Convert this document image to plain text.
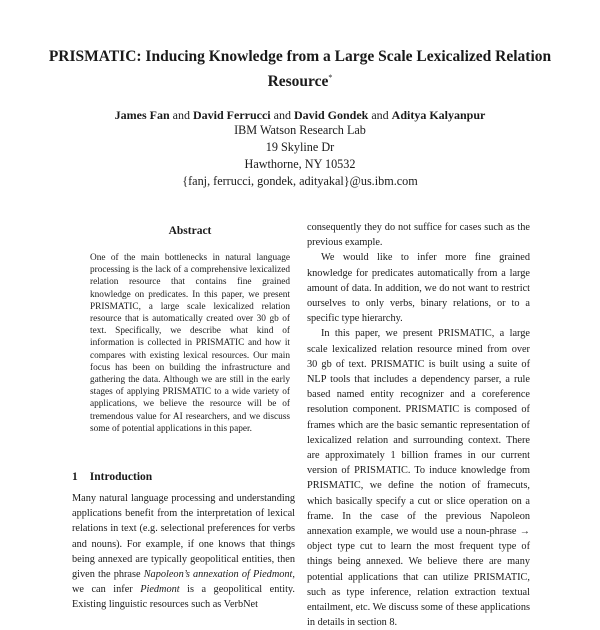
PRISMATIC: Inducing Knowledge from a Large Scale Lexicalized Relation
Resource*
James Fan and David Ferrucci and David Gondek and Aditya Kalyanpur
IBM Watson Research Lab
19 Skyline Dr
Hawthorne, NY 10532
{fanj, ferrucci, gondek, adityakal}@us.ibm.com
Abstract

One of the main bottlenecks in natural language processing is the lack of a comprehensive lexicalized relation resource that contains fine grained knowledge on predicates. In this paper, we present PRISMATIC, a large scale lexicalized relation resource that is automatically created over 30 gb of text. Specifically, we describe what kind of information is collected in PRISMATIC and how it compares with existing lexical resources. Our main focus has been on building the infrastructure and gathering the data. Although we are still in the early stages of applying PRISMATIC to a wide variety of applications, we believe the resource will be of tremendous value for AI researchers, and we discuss some of potential applications in this paper.

1 Introduction

Many natural language processing and understanding applications benefit from the interpretation of lexical relations in text (e.g. selectional preferences for verbs and nouns). For example, if one knows that things being annexed are typically geopolitical entities, then given the phrase Napoleon’s annexation of Piedmont, we can infer Piedmont is a geopolitical entity. Existing linguistic resources such as VerbNet

consequently they do not suffice for cases such as the previous example.

We would like to infer more fine grained knowledge for predicates automatically from a large amount of data. In addition, we do not want to restrict ourselves to only verbs, binary relations, or to a specific type hierarchy.

In this paper, we present PRISMATIC, a large scale lexicalized relation resource mined from over 30 gb of text. PRISMATIC is built using a suite of NLP tools that includes a dependency parser, a rule based named entity recognizer and a coreference resolution component. PRISMATIC is composed of frames which are the basic semantic representation of lexicalized relation and surrounding context. There are approximately 1 billion frames in our current version of PRISMATIC. To induce knowledge from PRISMATIC, we define the notion of framecuts, which basically specify a cut or slice operation on a frame. In the case of the previous Napoleon annexation example, we would use a noun-phrase → object type cut to learn the most frequent type of things being annexed. We believe there are many potential applications that can utilize PRISMATIC, such as type inference, relation extraction textual entailment, etc. We discuss some of these applications in details in section 8.
